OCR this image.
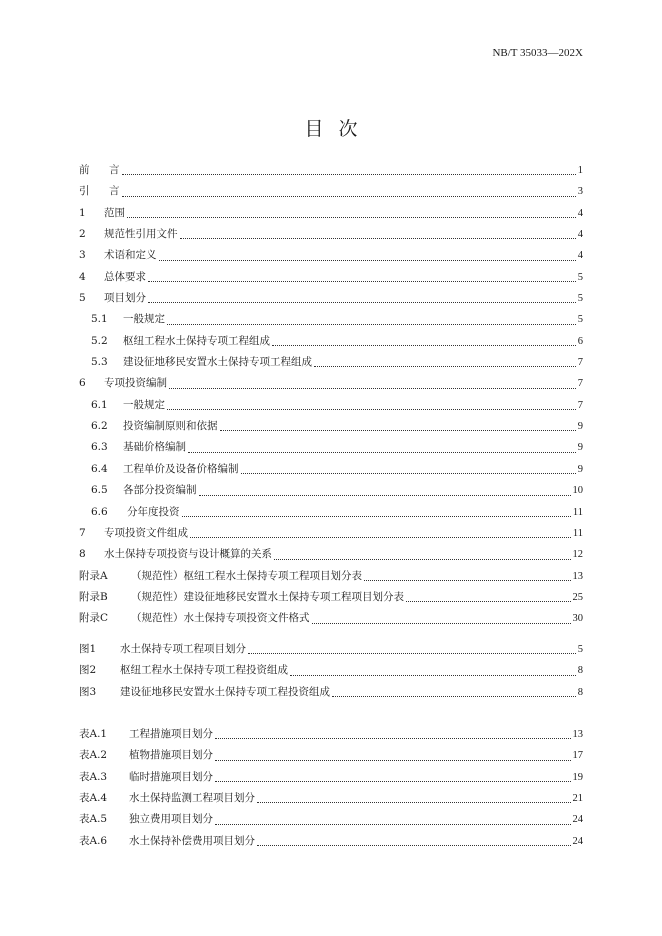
NB/T 35033—202X
目次
前	言	1
引	言	3
1	范围	4
2	规范性引用文件	4
3	术语和定义	4
4	总体要求	5
5	项目划分	5
5.1	一般规定	5
5.2	枢纽工程水土保持专项工程组成	6
5.3	建设征地移民安置水土保持专项工程组成	7
6	专项投资编制	7
6.1	一般规定	7
6.2	投资编制原则和依据	9
6.3	基础价格编制	9
6.4	工程单价及设备价格编制	9
6.5	各部分投资编制	10
6.6	分年度投资	11
7	专项投资文件组成	11
8	水土保持专项投资与设计概算的关系	12
附录A	（规范性）枢纽工程水土保持专项工程项目划分表	13
附录B	（规范性）建设征地移民安置水土保持专项工程项目划分表	25
附录C	（规范性）水土保持专项投资文件格式	30
图1	水土保持专项工程项目划分	5
图2	枢纽工程水土保持专项工程投资组成	8
图3	建设征地移民安置水土保持专项工程投资组成	8
表A.1	工程措施项目划分	13
表A.2	植物措施项目划分	17
表A.3	临时措施项目划分	19
表A.4	水土保持监测工程项目划分	21
表A.5	独立费用项目划分	24
表A.6	水土保持补偿费用项目划分	24
